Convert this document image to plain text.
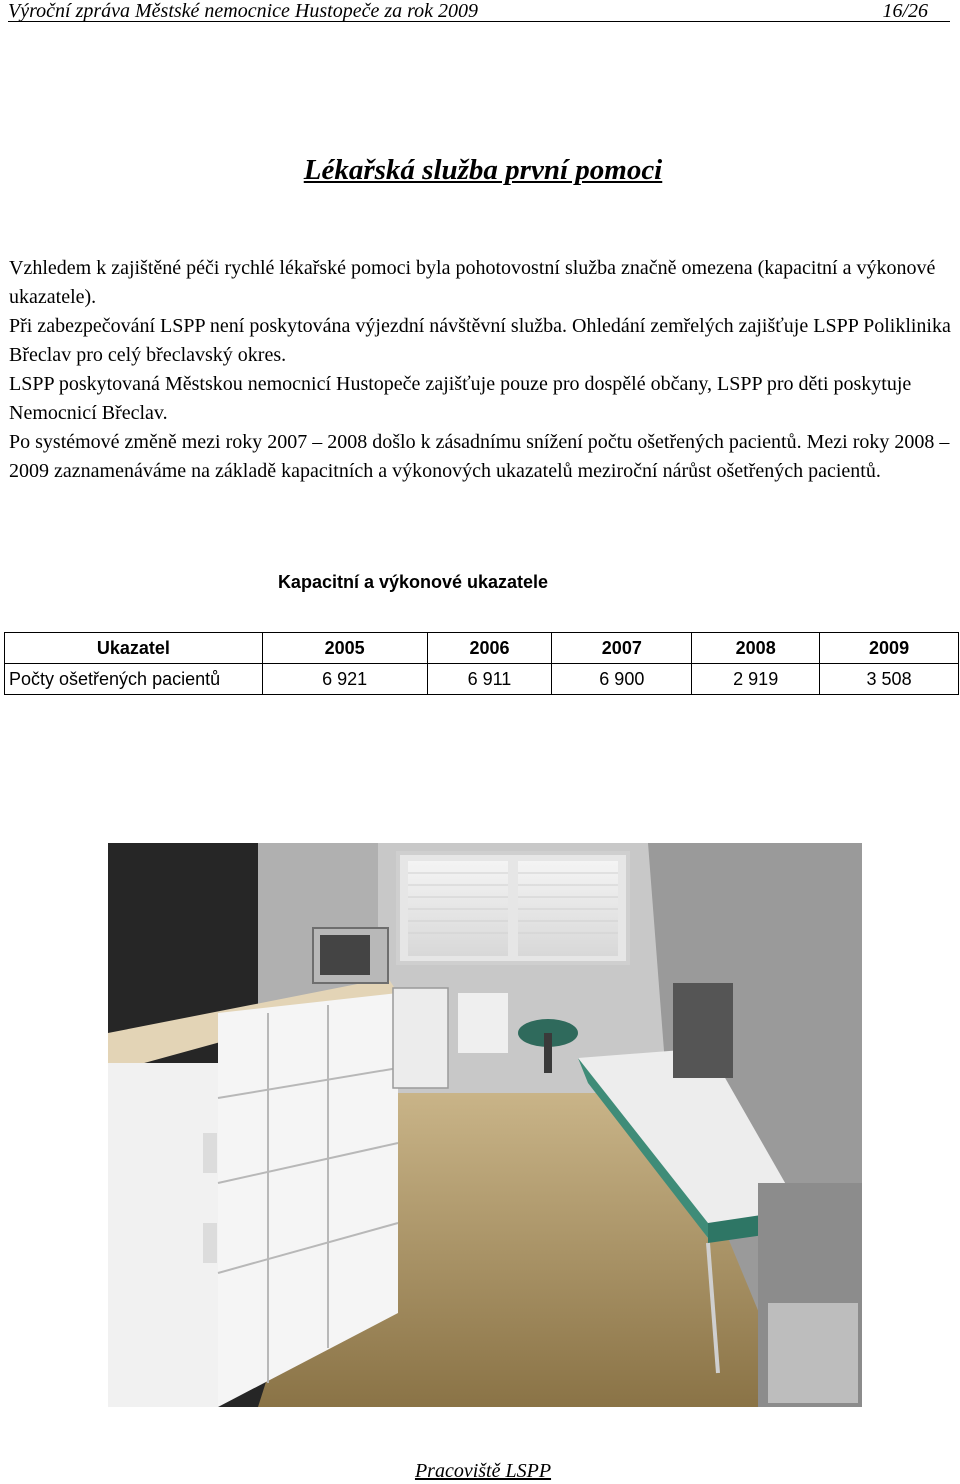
Výroční zpráva Městské nemocnice Hustopeče za rok 2009	16/26
Lékařská služba první pomoci

Vzhledem k zajištěné péči rychlé lékařské pomoci byla pohotovostní služba značně omezena (kapacitní a výkonové ukazatele).

Při zabezpečování LSPP není poskytována výjezdní návštěvní služba. Ohledání zemřelých zajišťuje LSPP Poliklinika Břeclav pro celý břeclavský okres.

LSPP poskytovaná Městskou nemocnicí Hustopeče zajišťuje pouze pro dospělé občany, LSPP pro děti poskytuje Nemocnicí Břeclav.

Po systémové změně mezi roky 2007 – 2008 došlo k zásadnímu snížení počtu ošetřených pacientů. Mezi roky 2008 – 2009 zaznamenáváme na základě kapacitních a výkonových ukazatelů meziroční nárůst ošetřených pacientů.

Kapacitní a výkonové ukazatele
Ukazatel	2005	2006	2007	2008	2009
Počty ošetřených pacientů	6 921	6 911	6 900	2 919	3 508
Pracoviště LSPP
